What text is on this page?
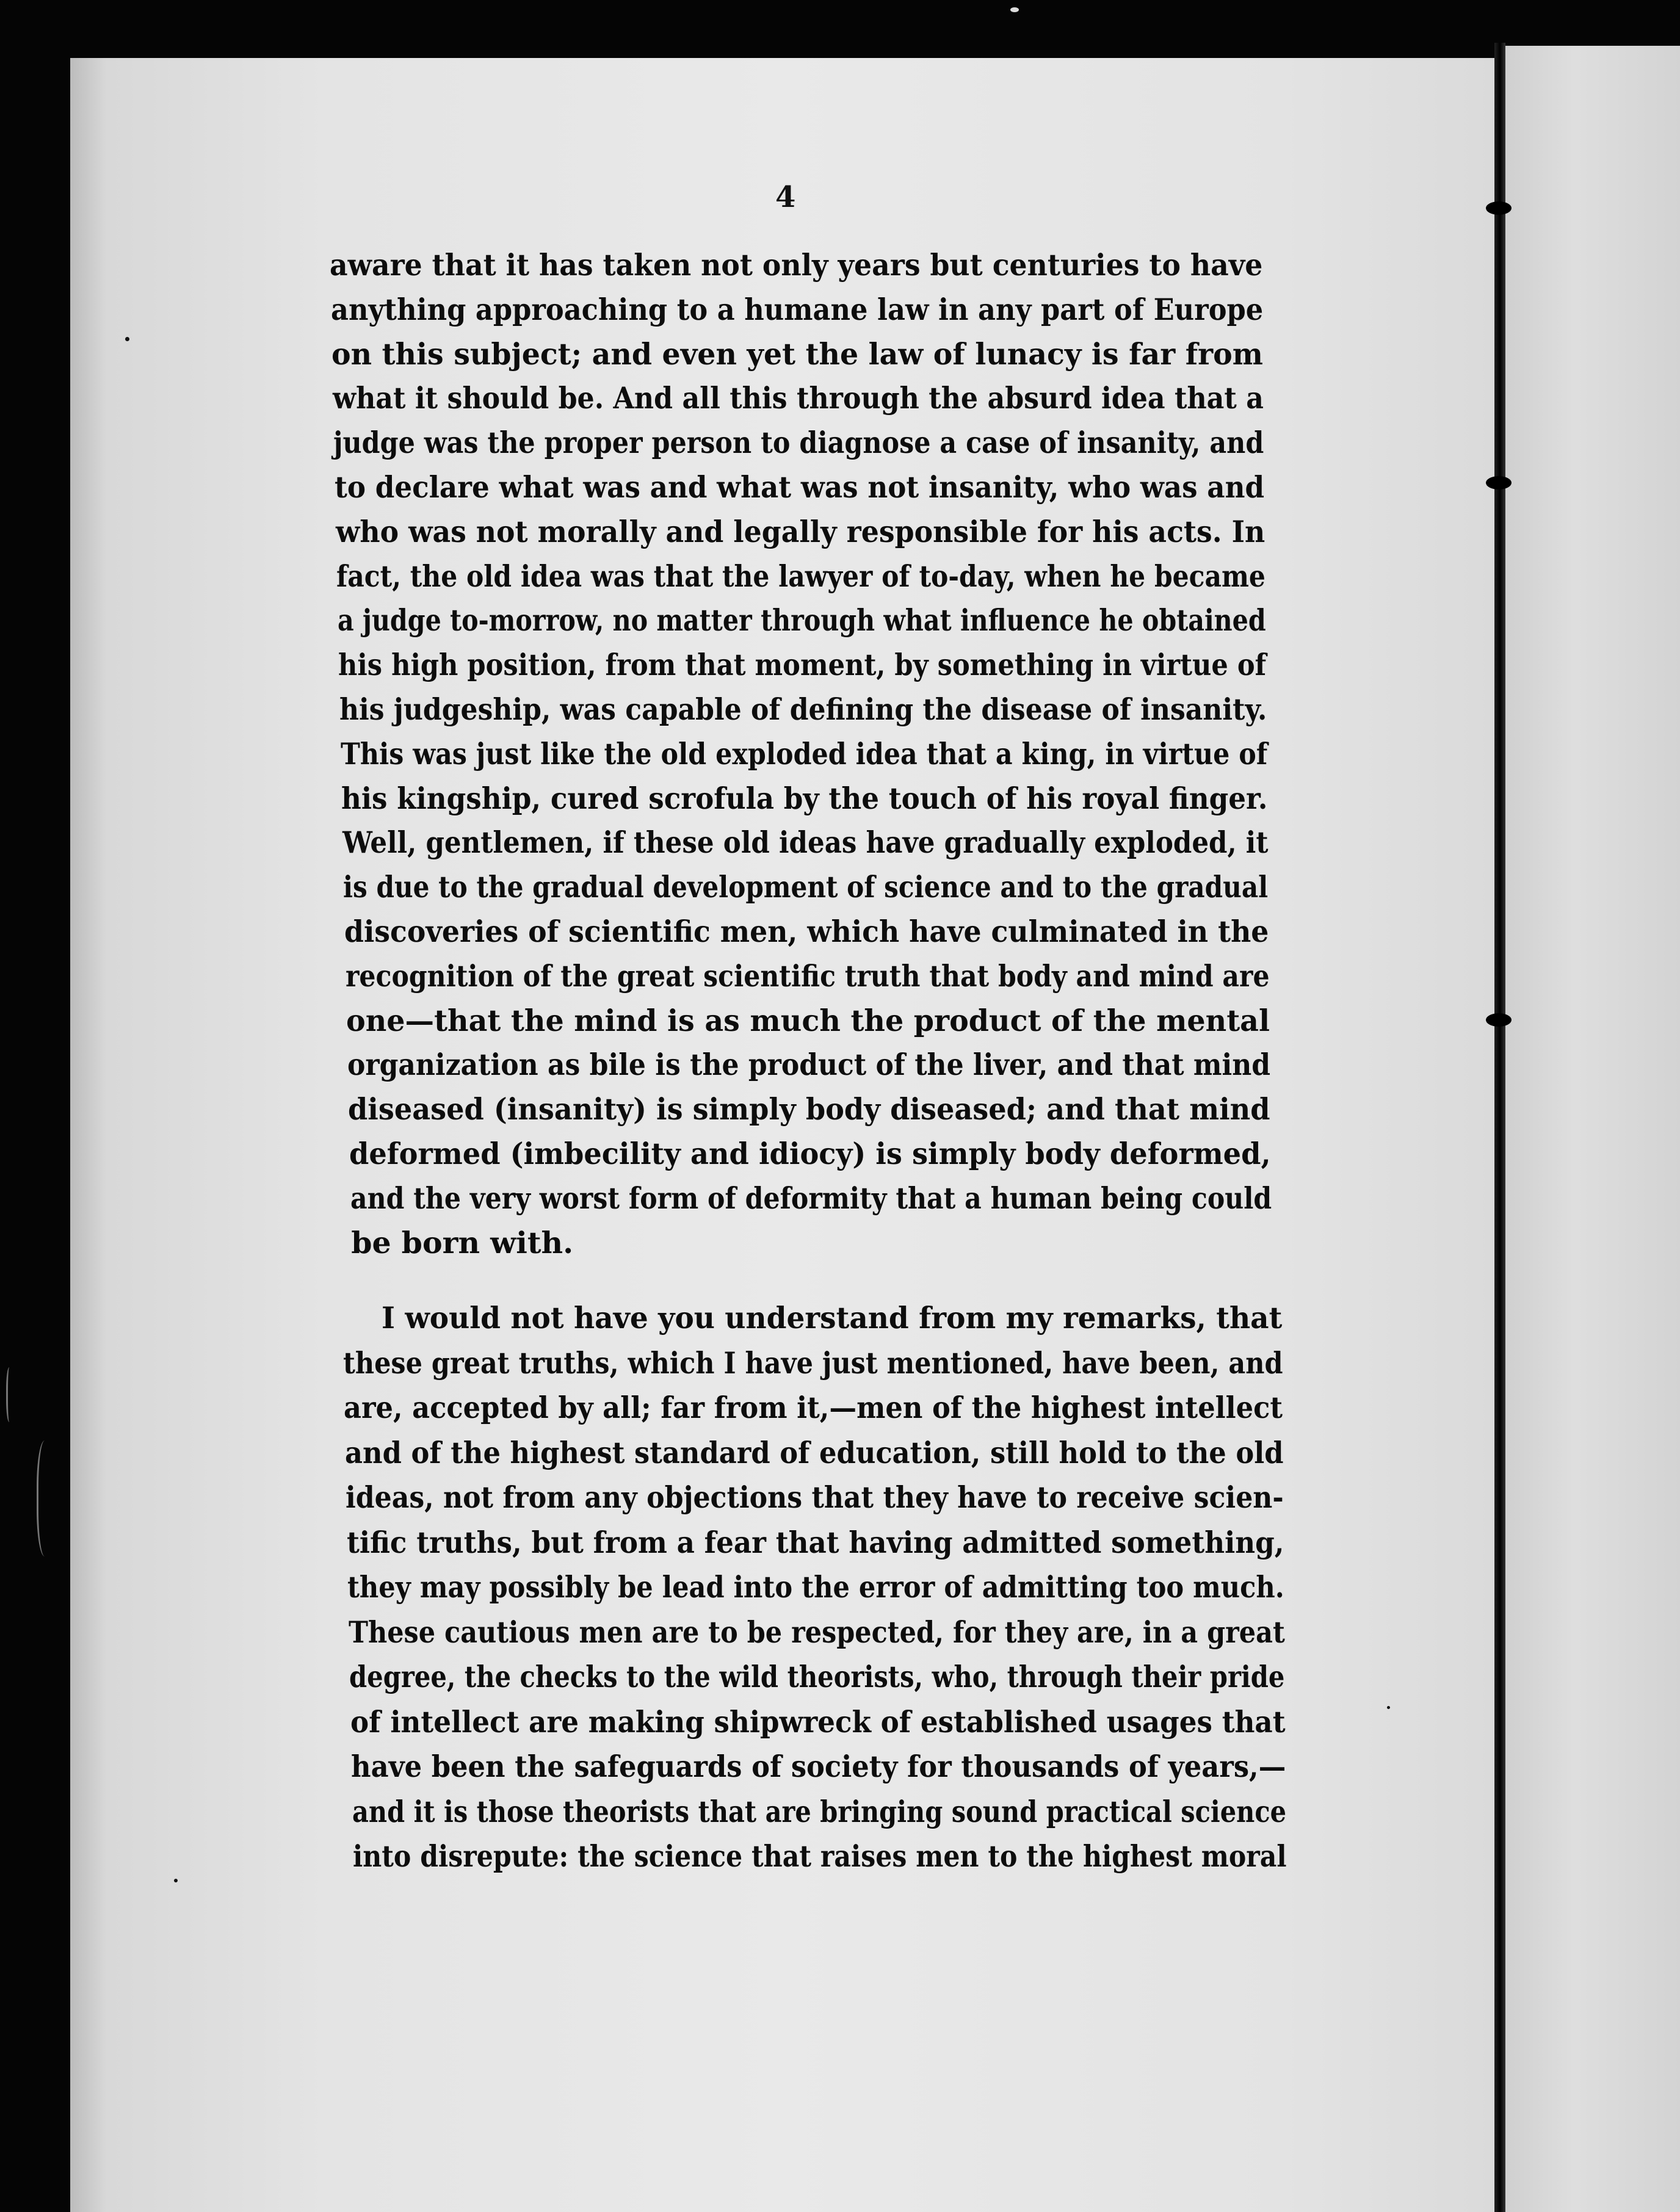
4
aware that it has taken not only years but centuries to have
anything approaching to a humane law in any part of Europe
on this subject; and even yet the law of lunacy is far from
what it should be. And all this through the absurd idea that a
judge was the proper person to diagnose a case of insanity, and
to declare what was and what was not insanity, who was and
who was not morally and legally responsible for his acts. In
fact, the old idea was that the lawyer of to-day, when he became
a judge to-morrow, no matter through what influence he obtained
his high position, from that moment, by something in virtue of
his judgeship, was capable of defining the disease of insanity.
This was just like the old exploded idea that a king, in virtue of
his kingship, cured scrofula by the touch of his royal finger.
Well, gentlemen, if these old ideas have gradually exploded, it
is due to the gradual development of science and to the gradual
discoveries of scientific men, which have culminated in the
recognition of the great scientific truth that body and mind are
one—that the mind is as much the product of the mental
organization as bile is the product of the liver, and that mind
diseased (insanity) is simply body diseased; and that mind
deformed (imbecility and idiocy) is simply body deformed,
and the very worst form of deformity that a human being could
be born with.
I would not have you understand from my remarks, that
these great truths, which I have just mentioned, have been, and
are, accepted by all; far from it,—men of the highest intellect
and of the highest standard of education, still hold to the old
ideas, not from any objections that they have to receive scien-
tific truths, but from a fear that having admitted something,
they may possibly be lead into the error of admitting too much.
These cautious men are to be respected, for they are, in a great
degree, the checks to the wild theorists, who, through their pride
of intellect are making shipwreck of established usages that
have been the safeguards of society for thousands of years,—
and it is those theorists that are bringing sound practical science
into disrepute: the science that raises men to the highest moral
